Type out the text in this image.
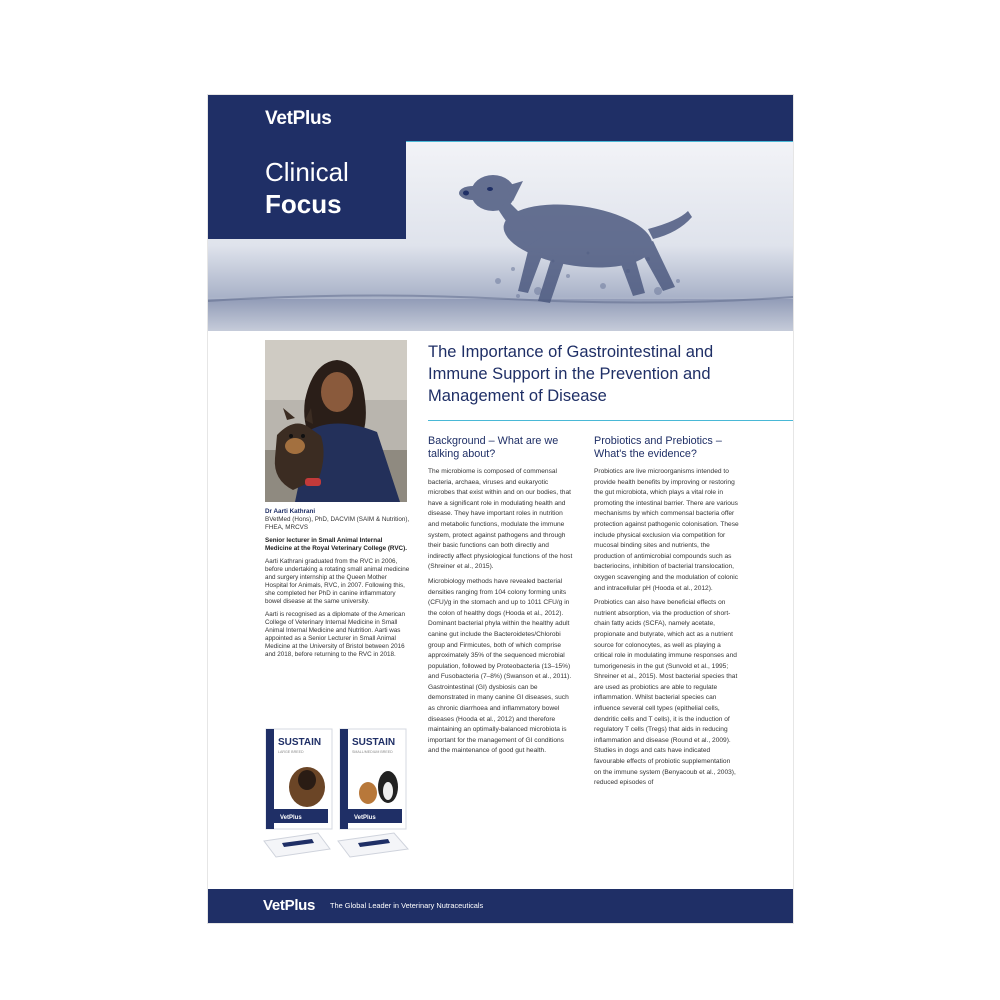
VetPlus
Clinical
Focus

Dr Aarti Kathrani
BVetMed (Hons), PhD, DACVIM (SAIM & Nutrition), FHEA, MRCVS

Senior lecturer in Small Animal Internal Medicine at the Royal Veterinary College (RVC).

Aarti Kathrani graduated from the RVC in 2006, before undertaking a rotating small animal medicine and surgery internship at the Queen Mother Hospital for Animals, RVC, in 2007. Following this, she completed her PhD in canine inflammatory bowel disease at the same university.

Aarti is recognised as a diplomate of the American College of Veterinary Internal Medicine in Small Animal Internal Medicine and Nutrition. Aarti was appointed as a Senior Lecturer in Small Animal Medicine at the University of Bristol between 2016 and 2018, before returning to the RVC in 2018.

SUSTAIN
LARGE BREED
VetPlus
SUSTAIN
SMALL/MEDIUM BREED
VetPlus
The Importance of Gastrointestinal and Immune Support in the Prevention and Management of Disease
Background – What are we talking about?

The microbiome is composed of commensal bacteria, archaea, viruses and eukaryotic microbes that exist within and on our bodies, that have a significant role in modulating health and disease. They have important roles in nutrition and metabolic functions, modulate the immune system, protect against pathogens and through their basic functions can both directly and indirectly affect physiological functions of the host (Shreiner et al., 2015).

Microbiology methods have revealed bacterial densities ranging from 104 colony forming units (CFU)/g in the stomach and up to 1011 CFU/g in the colon of healthy dogs (Hooda et al., 2012). Dominant bacterial phyla within the healthy adult canine gut include the Bacteroidetes/Chlorobi group and Firmicutes, both of which comprise approximately 35% of the sequenced microbial population, followed by Proteobacteria (13–15%) and Fusobacteria (7–8%) (Swanson et al., 2011). Gastrointestinal (GI) dysbiosis can be demonstrated in many canine GI diseases, such as chronic diarrhoea and inflammatory bowel diseases (Hooda et al., 2012) and therefore maintaining an optimally-balanced microbiota is important for the management of GI conditions and the maintenance of good gut health.

Probiotics and Prebiotics – What's the evidence?

Probiotics are live microorganisms intended to provide health benefits by improving or restoring the gut microbiota, which plays a vital role in promoting the intestinal barrier. There are various mechanisms by which commensal bacteria offer protection against pathogenic colonisation. These include physical exclusion via competition for mucosal binding sites and nutrients, the production of antimicrobial compounds such as bacteriocins, inhibition of bacterial translocation, oxygen scavenging and the modulation of colonic and intracellular pH (Hooda et al., 2012).

Probiotics can also have beneficial effects on nutrient absorption, via the production of short-chain fatty acids (SCFA), namely acetate, propionate and butyrate, which act as a nutrient source for colonocytes, as well as playing a critical role in modulating immune responses and tumorigenesis in the gut (Sunvold et al., 1995; Shreiner et al., 2015). Most bacterial species that are used as probiotics are able to regulate inflammation. Whilst bacterial species can influence several cell types (epithelial cells, dendritic cells and T cells), it is the induction of regulatory T cells (Tregs) that aids in reducing inflammation and disease (Round et al., 2009). Studies in dogs and cats have indicated favourable effects of probiotic supplementation on the immune system (Benyacoub et al., 2003), reduced episodes of

VetPlus The Global Leader in Veterinary Nutraceuticals
